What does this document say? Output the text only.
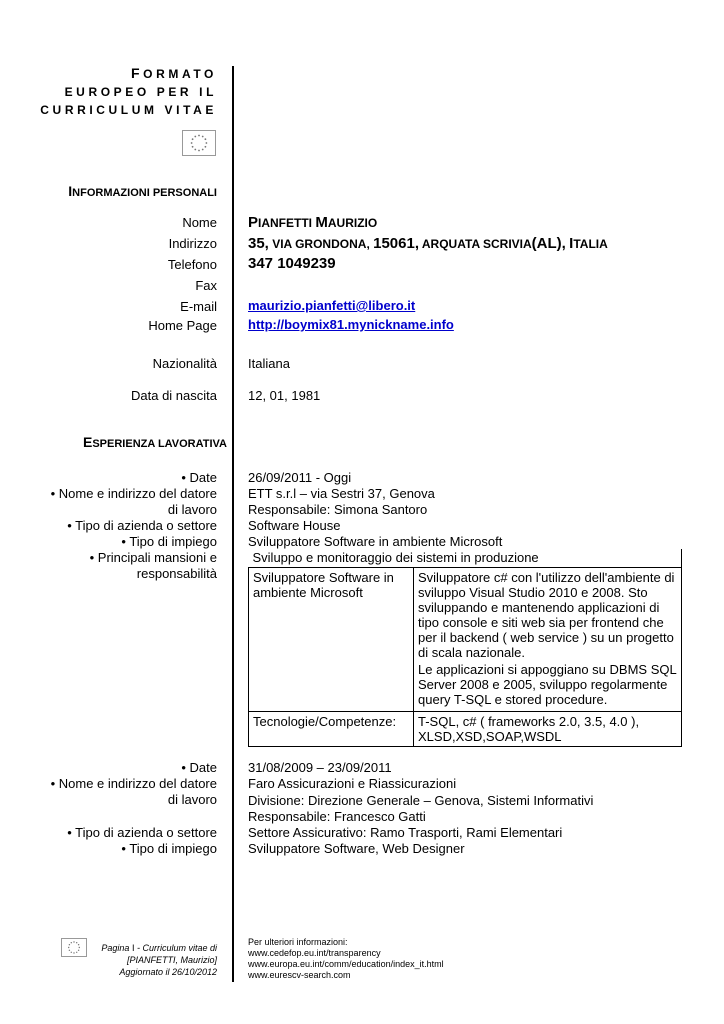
FORMATO
EUROPEO PER IL
CURRICULUM VITAE
INFORMAZIONI PERSONALI
Nome PIANFETTI MAURIZIO
Indirizzo 35, VIA GRONDONA, 15061, ARQUATA SCRIVIA(AL), ITALIA
Telefono 347 1049239
Fax
E-mail maurizio.pianfetti@libero.it
Home Page http://boymix81.mynickname.info
Nazionalità Italiana
Data di nascita 12, 01, 1981
ESPERIENZA LAVORATIVA
• Date 26/09/2011 - Oggi
• Nome e indirizzo del datore
di lavoro
ETT s.r.l – via Sestri 37, Genova
Responsabile: Simona Santoro
• Tipo di azienda o settore Software House
• Tipo di impiego Sviluppatore Software in ambiente Microsoft
• Principali mansioni e
responsabilità
Sviluppo e monitoraggio dei sistemi in produzione	
Sviluppatore Software in ambiente Microsoft	Sviluppatore c# con l'utilizzo dell'ambiente di sviluppo Visual Studio 2010 e 2008. Sto sviluppando e mantenendo applicazioni di tipo console e siti web sia per frontend che per il backend ( web service ) su un progetto di scala nazionale.

Le applicazioni si appoggiano su DBMS SQL Server 2008 e 2005, sviluppo regolarmente query T-SQL e stored procedure.

Tecnologie/Competenze:	T-SQL, c# ( frameworks 2.0, 3.5, 4.0 ), XLSD,XSD,SOAP,WSDL
• Date 31/08/2009 – 23/09/2011
• Nome e indirizzo del datore
di lavoro
Faro Assicurazioni e Riassicurazioni
Divisione: Direzione Generale – Genova, Sistemi Informativi
Responsabile: Francesco Gatti
• Tipo di azienda o settore Settore Assicurativo: Ramo Trasporti, Rami Elementari
• Tipo di impiego Sviluppatore Software, Web Designer
Pagina I - Curriculum vitae di
[PIANFETTI, Maurizio]
Aggiornato il 26/10/2012
Per ulteriori informazioni:
www.cedefop.eu.int/transparency
www.europa.eu.int/comm/education/index_it.html
www.eurescv-search.com
